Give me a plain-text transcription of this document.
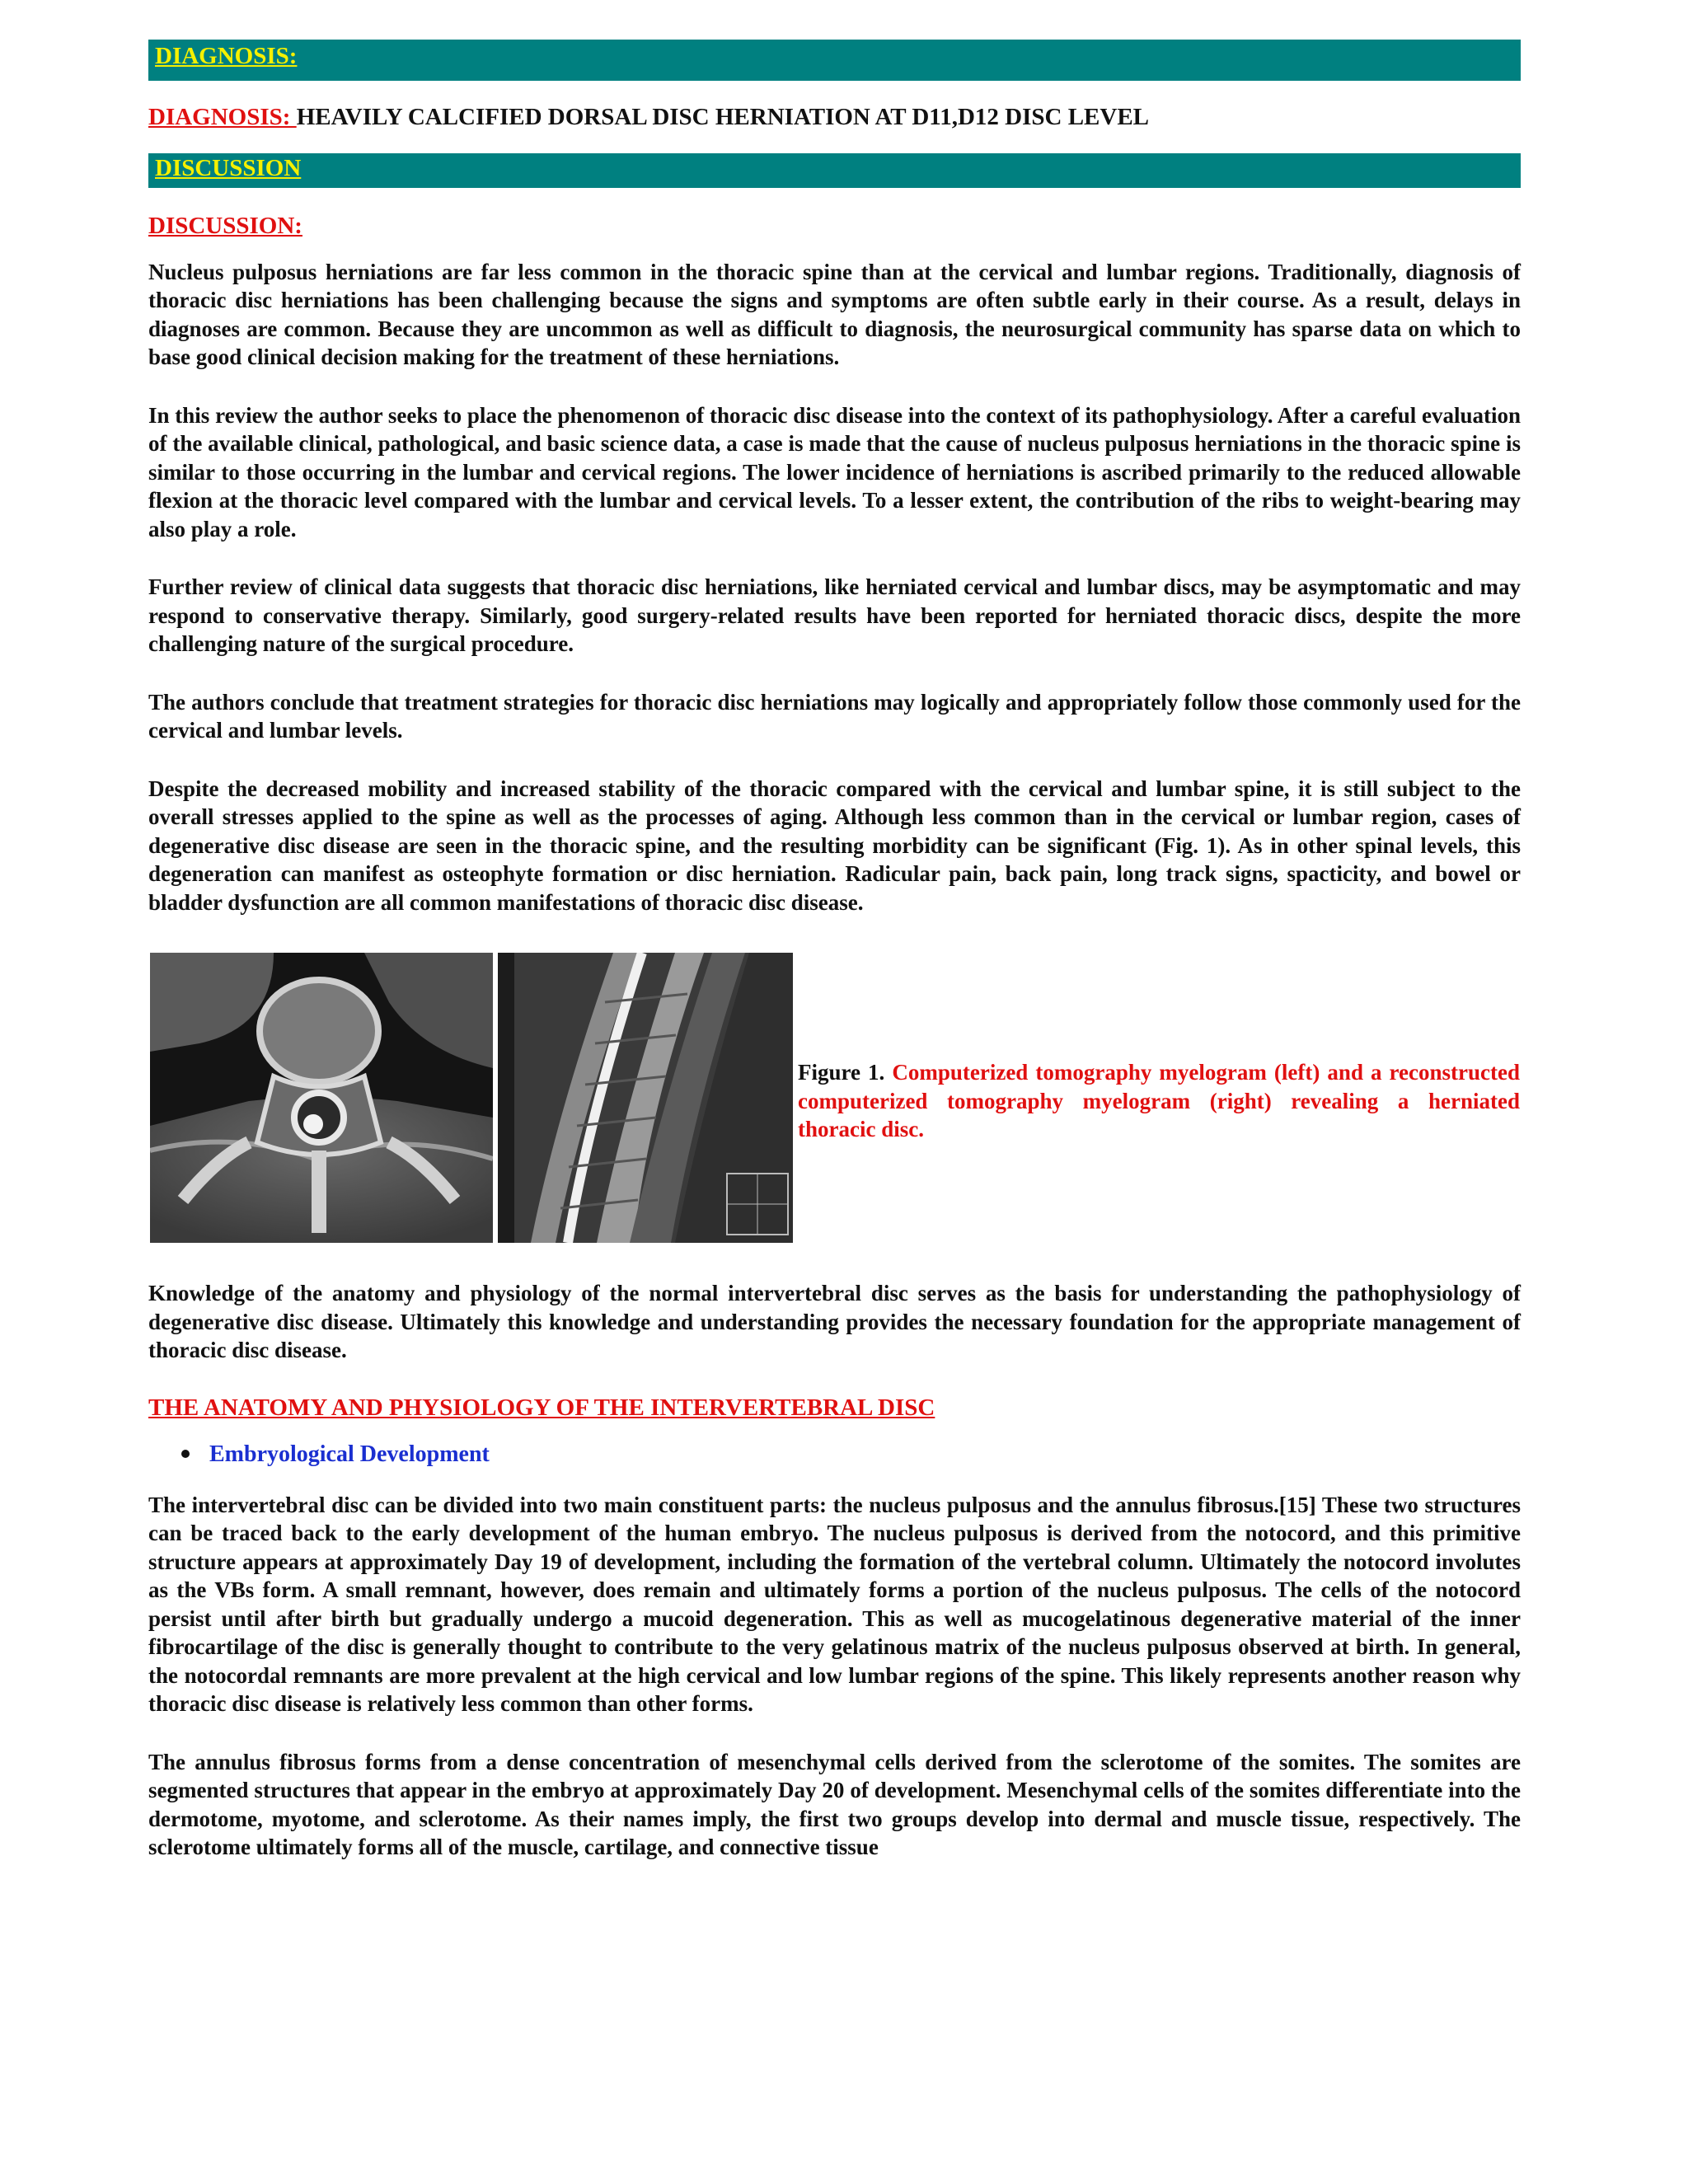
DIAGNOSIS:
DIAGNOSIS: HEAVILY CALCIFIED DORSAL DISC HERNIATION AT D11,D12 DISC LEVEL
DISCUSSION
DISCUSSION:

Nucleus pulposus herniations are far less common in the thoracic spine than at the cervical and lumbar regions. Traditionally, diagnosis of thoracic disc herniations has been challenging because the signs and symptoms are often subtle early in their course. As a result, delays in diagnoses are common. Because they are uncommon as well as difficult to diagnosis, the neurosurgical community has sparse data on which to base good clinical decision making for the treatment of these herniations.

In this review the author seeks to place the phenomenon of thoracic disc disease into the context of its pathophysiology. After a careful evaluation of the available clinical, pathological, and basic science data, a case is made that the cause of nucleus pulposus herniations in the thoracic spine is similar to those occurring in the lumbar and cervical regions. The lower incidence of herniations is ascribed primarily to the reduced allowable flexion at the thoracic level compared with the lumbar and cervical levels. To a lesser extent, the contribution of the ribs to weight-bearing may also play a role.

Further review of clinical data suggests that thoracic disc herniations, like herniated cervical and lumbar discs, may be asymptomatic and may respond to conservative therapy. Similarly, good surgery-related results have been reported for herniated thoracic discs, despite the more challenging nature of the surgical procedure.

The authors conclude that treatment strategies for thoracic disc herniations may logically and appropriately follow those commonly used for the cervical and lumbar levels.

Despite the decreased mobility and increased stability of the thoracic compared with the cervical and lumbar spine, it is still subject to the overall stresses applied to the spine as well as the processes of aging. Although less common than in the cervical or lumbar region, cases of degenerative disc disease are seen in the thoracic spine, and the resulting morbidity can be significant (Fig. 1). As in other spinal levels, this degeneration can manifest as osteophyte formation or disc herniation. Radicular pain, back pain, long track signs, spacticity, and bowel or bladder dysfunction are all common manifestations of thoracic disc disease.

Figure 1. Computerized tomography myelogram (left) and a reconstructed computerized tomography myelogram (right) revealing a herniated thoracic disc.

Knowledge of the anatomy and physiology of the normal intervertebral disc serves as the basis for understanding the pathophysiology of degenerative disc disease. Ultimately this knowledge and understanding provides the necessary foundation for the appropriate management of thoracic disc disease.

THE ANATOMY AND PHYSIOLOGY OF THE INTERVERTEBRAL DISC
Embryological Development

The intervertebral disc can be divided into two main constituent parts: the nucleus pulposus and the annulus fibrosus.[15] These two structures can be traced back to the early development of the human embryo. The nucleus pulposus is derived from the notocord, and this primitive structure appears at approximately Day 19 of development, including the formation of the vertebral column. Ultimately the notocord involutes as the VBs form. A small remnant, however, does remain and ultimately forms a portion of the nucleus pulposus. The cells of the notocord persist until after birth but gradually undergo a mucoid degeneration. This as well as mucogelatinous degenerative material of the inner fibrocartilage of the disc is generally thought to contribute to the very gelatinous matrix of the nucleus pulposus observed at birth. In general, the notocordal remnants are more prevalent at the high cervical and low lumbar regions of the spine. This likely represents another reason why thoracic disc disease is relatively less common than other forms.

The annulus fibrosus forms from a dense concentration of mesenchymal cells derived from the sclerotome of the somites. The somites are segmented structures that appear in the embryo at approximately Day 20 of development. Mesenchymal cells of the somites differentiate into the dermotome, myotome, and sclerotome. As their names imply, the first two groups develop into dermal and muscle tissue, respectively. The sclerotome ultimately forms all of the muscle, cartilage, and connective tissue
